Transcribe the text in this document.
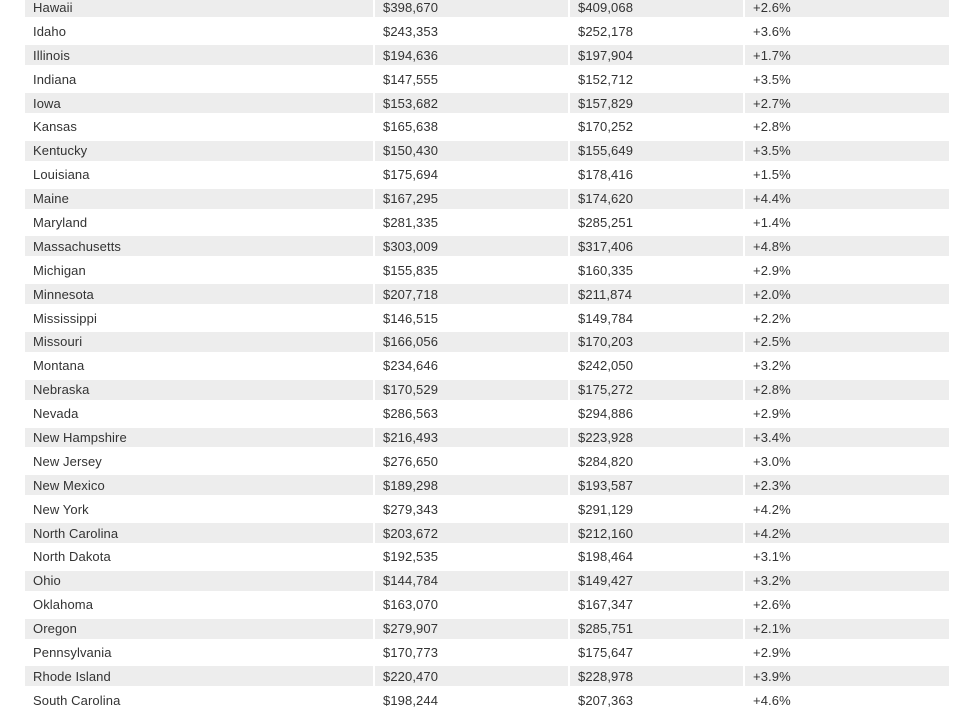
Hawaii	$398,670	$409,068	+2.6%
Idaho	$243,353	$252,178	+3.6%
Illinois	$194,636	$197,904	+1.7%
Indiana	$147,555	$152,712	+3.5%
Iowa	$153,682	$157,829	+2.7%
Kansas	$165,638	$170,252	+2.8%
Kentucky	$150,430	$155,649	+3.5%
Louisiana	$175,694	$178,416	+1.5%
Maine	$167,295	$174,620	+4.4%
Maryland	$281,335	$285,251	+1.4%
Massachusetts	$303,009	$317,406	+4.8%
Michigan	$155,835	$160,335	+2.9%
Minnesota	$207,718	$211,874	+2.0%
Mississippi	$146,515	$149,784	+2.2%
Missouri	$166,056	$170,203	+2.5%
Montana	$234,646	$242,050	+3.2%
Nebraska	$170,529	$175,272	+2.8%
Nevada	$286,563	$294,886	+2.9%
New Hampshire	$216,493	$223,928	+3.4%
New Jersey	$276,650	$284,820	+3.0%
New Mexico	$189,298	$193,587	+2.3%
New York	$279,343	$291,129	+4.2%
North Carolina	$203,672	$212,160	+4.2%
North Dakota	$192,535	$198,464	+3.1%
Ohio	$144,784	$149,427	+3.2%
Oklahoma	$163,070	$167,347	+2.6%
Oregon	$279,907	$285,751	+2.1%
Pennsylvania	$170,773	$175,647	+2.9%
Rhode Island	$220,470	$228,978	+3.9%
South Carolina	$198,244	$207,363	+4.6%
